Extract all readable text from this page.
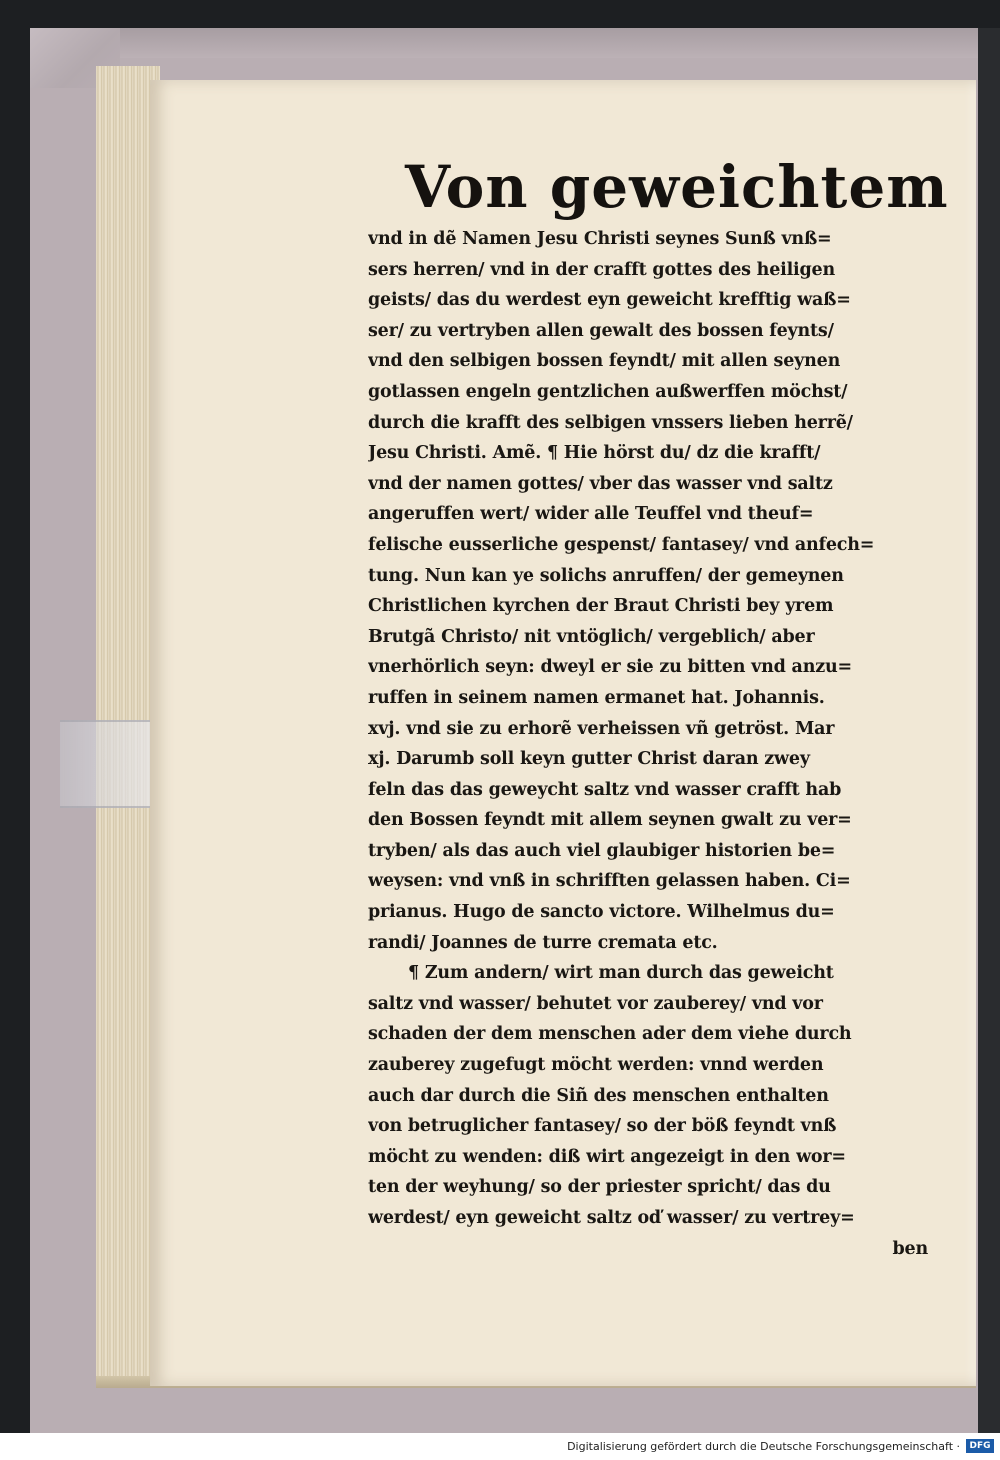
Von geweichtem
vnd in dẽ Namen Jesu Christi seynes Sunß vnß=
sers herren/ vnd in der crafft gottes des heiligen
geists/ das du werdest eyn geweicht krefftig waß=
ser/ zu vertryben allen gewalt des bossen feynts/
vnd den selbigen bossen feyndt/ mit allen seynen
gotlassen engeln gentzlichen außwerffen möchst/
durch die krafft des selbigen vnssers lieben herrẽ/
Jesu Christi. Amẽ. ¶ Hie hörst du/ dz die krafft/
vnd der namen gottes/ vber das wasser vnd saltz
angeruffen wert/ wider alle Teuffel vnd theuf=
felische eusserliche gespenst/ fantasey/ vnd anfech=
tung. Nun kan ye solichs anruffen/ der gemeynen
Christlichen kyrchen der Braut Christi bey yrem
Brutgã Christo/ nit vntöglich/ vergeblich/ aber
vnerhörlich seyn: dweyl er sie zu bitten vnd anzu=
ruffen in seinem namen ermanet hat. Johannis.
xvj. vnd sie zu erhorẽ verheissen vñ getröst. Mar
xj. Darumb soll keyn gutter Christ daran zwey
feln das das geweycht saltz vnd wasser crafft hab
den Bossen feyndt mit allem seynen gwalt zu ver=
tryben/ als das auch viel glaubiger historien be=
weysen: vnd vnß in schrifften gelassen haben. Ci=
prianus. Hugo de sancto victore. Wilhelmus du=
randi/ Joannes de turre cremata etc.
¶ Zum andern/ wirt man durch das geweicht
saltz vnd wasser/ behutet vor zauberey/ vnd vor
schaden der dem menschen ader dem viehe durch
zauberey zugefugt möcht werden: vnnd werden
auch dar durch die Siñ des menschen enthalten
von betruglicher fantasey/ so der böß feyndt vnß
möcht zu wenden: diß wirt angezeigt in den wor=
ten der weyhung/ so der priester spricht/ das du
werdest/ eyn geweicht saltz oď wasser/ zu vertrey=
ben
Digitalisierung gefördert durch die Deutsche Forschungsgemeinschaft ·	DFG
